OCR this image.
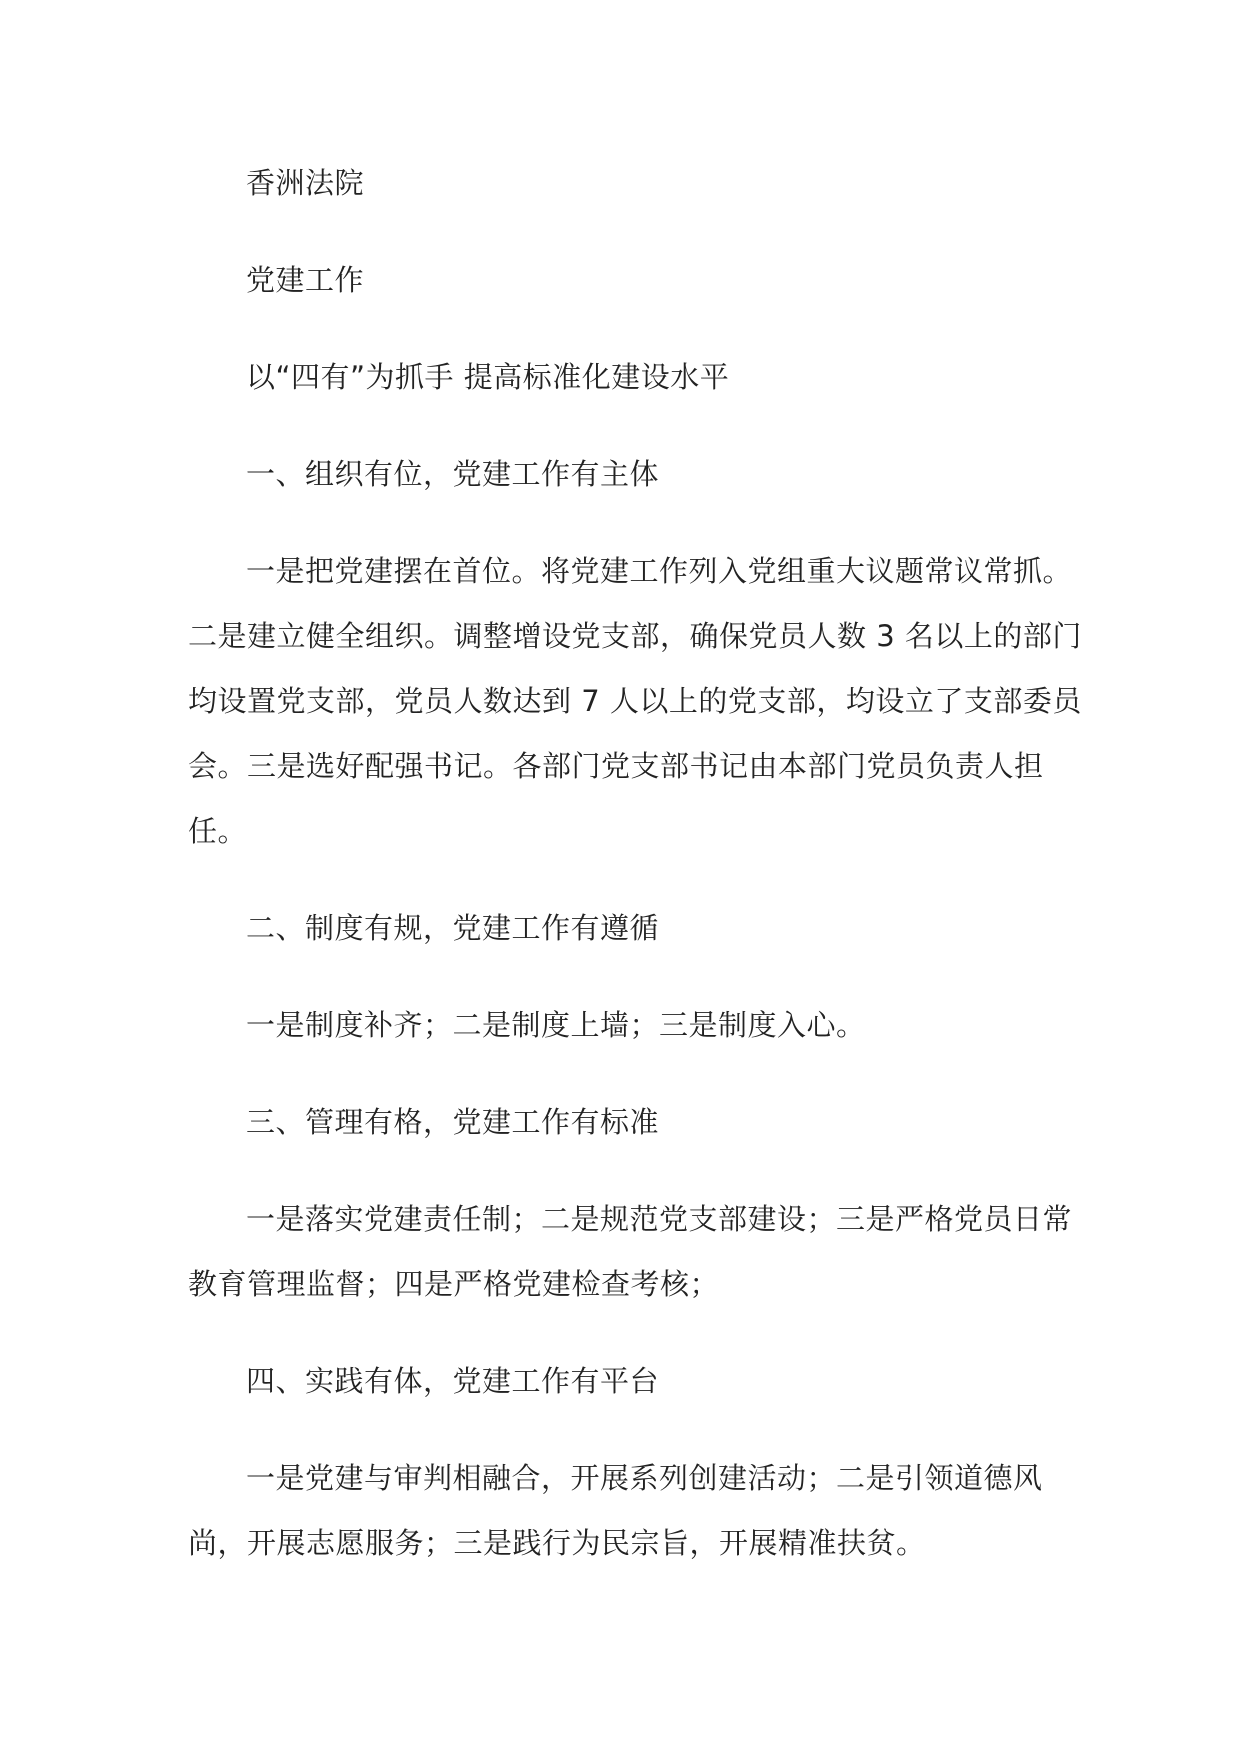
香洲法院
党建工作
以“四有”为抓手 提高标准化建设水平
一、组织有位，党建工作有主体
一是把党建摆在首位。将党建工作列入党组重大议题常议常抓。
二是建立健全组织。调整增设党支部，确保党员人数 3 名以上的部门
均设置党支部，党员人数达到 7 人以上的党支部，均设立了支部委员
会。三是选好配强书记。各部门党支部书记由本部门党员负责人担
任。
二、制度有规，党建工作有遵循
一是制度补齐；二是制度上墙；三是制度入心。
三、管理有格，党建工作有标准
一是落实党建责任制；二是规范党支部建设；三是严格党员日常
教育管理监督；四是严格党建检查考核；
四、实践有体，党建工作有平台
一是党建与审判相融合，开展系列创建活动；二是引领道德风
尚，开展志愿服务；三是践行为民宗旨，开展精准扶贫。
